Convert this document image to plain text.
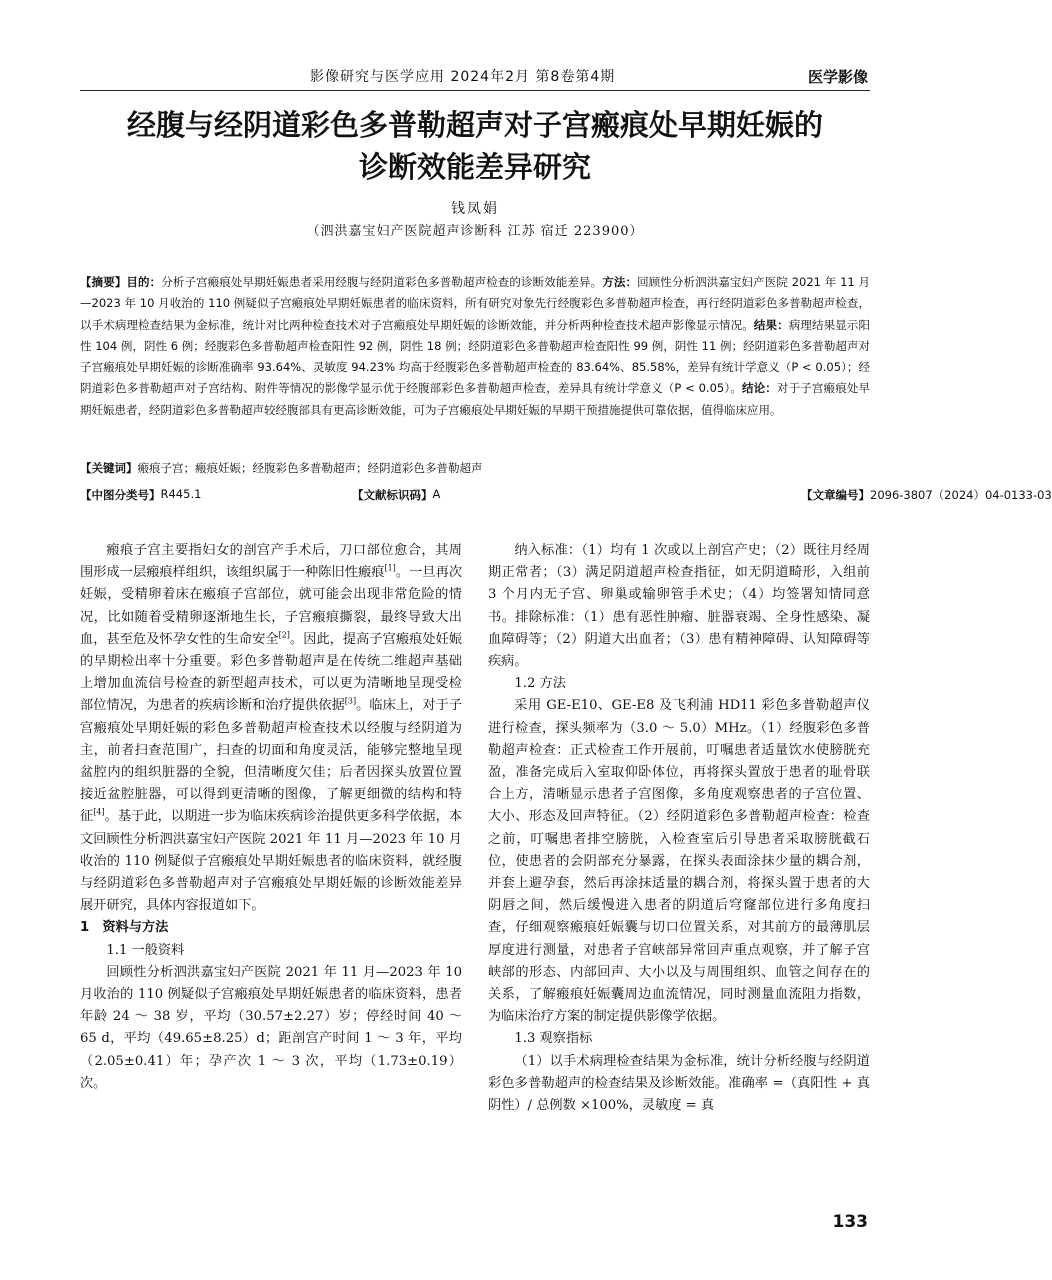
影像研究与医学应用 2024年2月 第8卷第4期	医学影像
经腹与经阴道彩色多普勒超声对子宫瘢痕处早期妊娠的
诊断效能差异研究
钱凤娟
（泗洪嘉宝妇产医院超声诊断科 江苏 宿迁 223900）
【摘要】目的：分析子宫瘢痕处早期妊娠患者采用经腹与经阴道彩色多普勒超声检查的诊断效能差异。方法：回顾性分析泗洪嘉宝妇产医院 2021 年 11 月—2023 年 10 月收治的 110 例疑似子宫瘢痕处早期妊娠患者的临床资料，所有研究对象先行经腹彩色多普勒超声检查，再行经阴道彩色多普勒超声检查，以手术病理检查结果为金标准，统计对比两种检查技术对子宫瘢痕处早期妊娠的诊断效能，并分析两种检查技术超声影像显示情况。结果：病理结果显示阳性 104 例，阴性 6 例；经腹彩色多普勒超声检查阳性 92 例，阴性 18 例；经阴道彩色多普勒超声检查阳性 99 例，阴性 11 例；经阴道彩色多普勒超声对子宫瘢痕处早期妊娠的诊断准确率 93.64%、灵敏度 94.23% 均高于经腹彩色多普勒超声检查的 83.64%、85.58%，差异有统计学意义（P < 0.05）；经阴道彩色多普勒超声对子宫结构、附件等情况的影像学显示优于经腹部彩色多普勒超声检查，差异具有统计学意义（P < 0.05）。结论：对于子宫瘢痕处早期妊娠患者，经阴道彩色多普勒超声较经腹部具有更高诊断效能，可为子宫瘢痕处早期妊娠的早期干预措施提供可靠依据，值得临床应用。
【关键词】瘢痕子宫；瘢痕妊娠；经腹彩色多普勒超声；经阴道彩色多普勒超声
【中图分类号】 R445.1	【文献标识码】 A	【文章编号】 2096-3807（2024）04-0133-03

瘢痕子宫主要指妇女的剖宫产手术后，刀口部位愈合，其周围形成一层瘢痕样组织，该组织属于一种陈旧性瘢痕[1]。一旦再次妊娠，受精卵着床在瘢痕子宫部位，就可能会出现非常危险的情况，比如随着受精卵逐渐地生长，子宫瘢痕撕裂，最终导致大出血，甚至危及怀孕女性的生命安全[2]。因此，提高子宫瘢痕处妊娠的早期检出率十分重要。彩色多普勒超声是在传统二维超声基础上增加血流信号检查的新型超声技术，可以更为清晰地呈现受检部位情况，为患者的疾病诊断和治疗提供依据[3]。临床上，对于子宫瘢痕处早期妊娠的彩色多普勒超声检查技术以经腹与经阴道为主，前者扫查范围广，扫查的切面和角度灵活，能够完整地呈现盆腔内的组织脏器的全貌，但清晰度欠佳；后者因探头放置位置接近盆腔脏器，可以得到更清晰的图像，了解更细微的结构和特征[4]。基于此，以期进一步为临床疾病诊治提供更多科学依据，本文回顾性分析泗洪嘉宝妇产医院 2021 年 11 月—2023 年 10 月收治的 110 例疑似子宫瘢痕处早期妊娠患者的临床资料，就经腹与经阴道彩色多普勒超声对子宫瘢痕处早期妊娠的诊断效能差异展开研究，具体内容报道如下。

1　资料与方法

1.1 一般资料

回顾性分析泗洪嘉宝妇产医院 2021 年 11 月—2023 年 10 月收治的 110 例疑似子宫瘢痕处早期妊娠患者的临床资料，患者年龄 24 ～ 38 岁，平均（30.57±2.27）岁；停经时间 40 ～ 65 d，平均（49.65±8.25）d；距剖宫产时间 1 ～ 3 年，平均（2.05±0.41）年；孕产次 1 ～ 3 次，平均（1.73±0.19）次。

纳入标准：（1）均有 1 次或以上剖宫产史；（2）既往月经周期正常者；（3）满足阴道超声检查指征，如无阴道畸形，入组前 3 个月内无子宫、卵巢或输卵管手术史；（4）均签署知情同意书。排除标准：（1）患有恶性肿瘤、脏器衰竭、全身性感染、凝血障碍等；（2）阴道大出血者；（3）患有精神障碍、认知障碍等疾病。

1.2 方法

采用 GE-E10、GE-E8 及飞利浦 HD11 彩色多普勒超声仪进行检查，探头频率为（3.0 ～ 5.0）MHz。（1）经腹彩色多普勒超声检查：正式检查工作开展前，叮嘱患者适量饮水使膀胱充盈，准备完成后入室取仰卧体位，再将探头置放于患者的耻骨联合上方，清晰显示患者子宫图像，多角度观察患者的子宫位置、大小、形态及回声特征。（2）经阴道彩色多普勒超声检查：检查之前，叮嘱患者排空膀胱，入检查室后引导患者采取膀胱截石位，使患者的会阴部充分暴露，在探头表面涂抹少量的耦合剂，并套上避孕套，然后再涂抹适量的耦合剂，将探头置于患者的大阴唇之间，然后缓慢进入患者的阴道后穹窿部位进行多角度扫查，仔细观察瘢痕妊娠囊与切口位置关系，对其前方的最薄肌层厚度进行测量，对患者子宫峡部异常回声重点观察，并了解子宫峡部的形态、内部回声、大小以及与周围组织、血管之间存在的关系，了解瘢痕妊娠囊周边血流情况，同时测量血流阻力指数，为临床治疗方案的制定提供影像学依据。

1.3 观察指标

（1）以手术病理检查结果为金标准，统计分析经腹与经阴道彩色多普勒超声的检查结果及诊断效能。准确率 =（真阳性 + 真阴性）/ 总例数 ×100%，灵敏度 = 真

133
